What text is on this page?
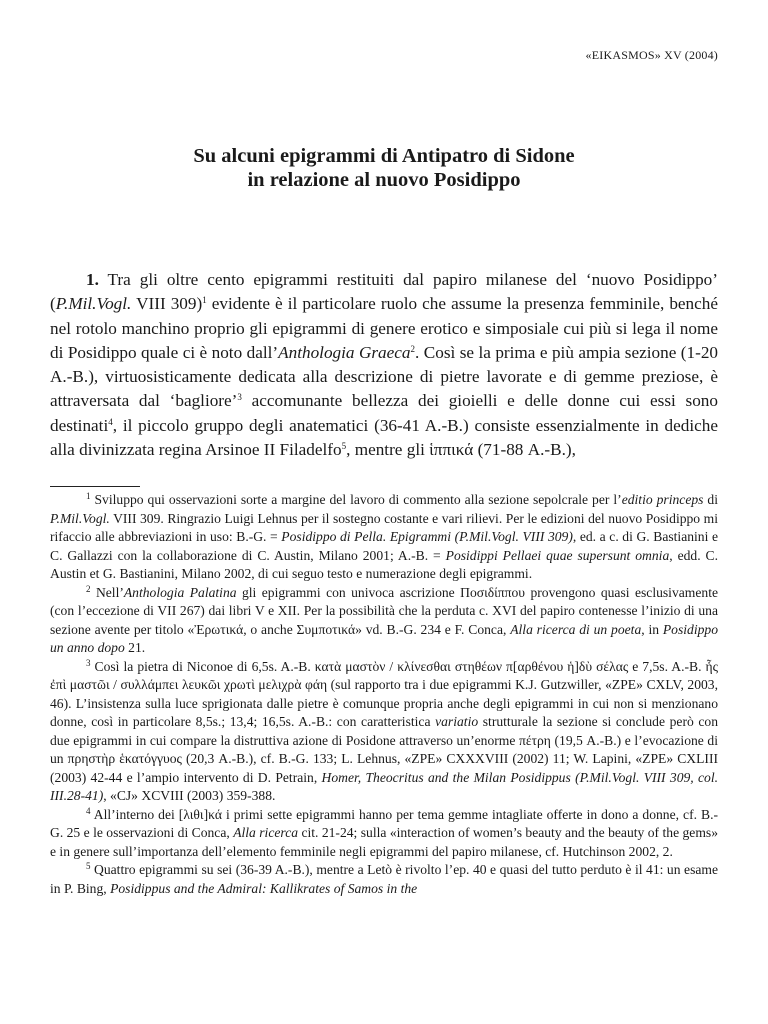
«EIKASMOS» XV (2004)
Su alcuni epigrammi di Antipatro di Sidone
in relazione al nuovo Posidippo

1. Tra gli oltre cento epigrammi restituiti dal papiro milanese del ‘nuovo Posidippo’ (P.Mil.Vogl. VIII 309)$^1$ evidente è il particolare ruolo che assume la presenza femminile, benché nel rotolo manchino proprio gli epigrammi di genere erotico e simposiale cui più si lega il nome di Posidippo quale ci è noto dall’Anthologia Graeca$^2$. Così se la prima e più ampia sezione (1-20 A.-B.), virtuosisticamente dedicata alla descrizione di pietre lavorate e di gemme preziose, è attraversata dal ‘bagliore’$^3$ accomunante bellezza dei gioielli e delle donne cui essi sono destinati$^4$, il piccolo gruppo degli anatematici (36-41 A.-B.) consiste essenzialmente in dediche alla divinizzata regina Arsinoe II Filadelfo$^5$, mentre gli ἱππικά (71-88 A.-B.),

$^1$ Sviluppo qui osservazioni sorte a margine del lavoro di commento alla sezione sepolcrale per l’editio princeps di P.Mil.Vogl. VIII 309. Ringrazio Luigi Lehnus per il sostegno costante e vari rilievi. Per le edizioni del nuovo Posidippo mi rifaccio alle abbreviazioni in uso: B.-G. = Posidippo di Pella. Epigrammi (P.Mil.Vogl. VIII 309), ed. a c. di G. Bastianini e C. Gallazzi con la collaborazione di C. Austin, Milano 2001; A.-B. = Posidippi Pellaei quae supersunt omnia, edd. C. Austin et G. Bastianini, Milano 2002, di cui seguo testo e numerazione degli epigrammi.

$^2$ Nell’Anthologia Palatina gli epigrammi con univoca ascrizione Ποσιδίππου provengono quasi esclusivamente (con l’eccezione di VII 267) dai libri V e XII. Per la possibilità che la perduta c. XVI del papiro contenesse l’inizio di una sezione avente per titolo «Ἐρωτικά, o anche Συμποτικά» vd. B.-G. 234 e F. Conca, Alla ricerca di un poeta, in Posidippo un anno dopo 21.

$^3$ Così la pietra di Niconoe di 6,5s. A.-B. κατὰ μαστὸν / κλίνεσθαι στηθέων π[αρθένου ἡ]δὺ σέλας e 7,5s. A.-B. ἧς ἐπὶ μαστῶι / συλλάμπει λευκῶι χρωτὶ μελιχρὰ φάη (sul rapporto tra i due epigrammi K.J. Gutzwiller, «ZPE» CXLV, 2003, 46). L’insistenza sulla luce sprigionata dalle pietre è comunque propria anche degli epigrammi in cui non si menzionano donne, così in particolare 8,5s.; 13,4; 16,5s. A.-B.: con caratteristica variatio strutturale la sezione si conclude però con due epigrammi in cui compare la distruttiva azione di Posidone attraverso un’enorme πέτρη (19,5 A.-B.) e l’evocazione di un πρηστὴρ ἑκατόγγυος (20,3 A.-B.), cf. B.-G. 133; L. Lehnus, «ZPE» CXXXVIII (2002) 11; W. Lapini, «ZPE» CXLIII (2003) 42-44 e l’ampio intervento di D. Petrain, Homer, Theocritus and the Milan Posidippus (P.Mil.Vogl. VIII 309, col. III.28-41), «CJ» XCVIII (2003) 359-388.

$^4$ All’interno dei [λιθι]κά i primi sette epigrammi hanno per tema gemme intagliate offerte in dono a donne, cf. B.-G. 25 e le osservazioni di Conca, Alla ricerca cit. 21-24; sulla «interaction of women’s beauty and the beauty of the gems» e in genere sull’importanza dell’elemento femminile negli epigrammi del papiro milanese, cf. Hutchinson 2002, 2.

$^5$ Quattro epigrammi su sei (36-39 A.-B.), mentre a Letò è rivolto l’ep. 40 e quasi del tutto perduto è il 41: un esame in P. Bing, Posidippus and the Admiral: Kallikrates of Samos in the
